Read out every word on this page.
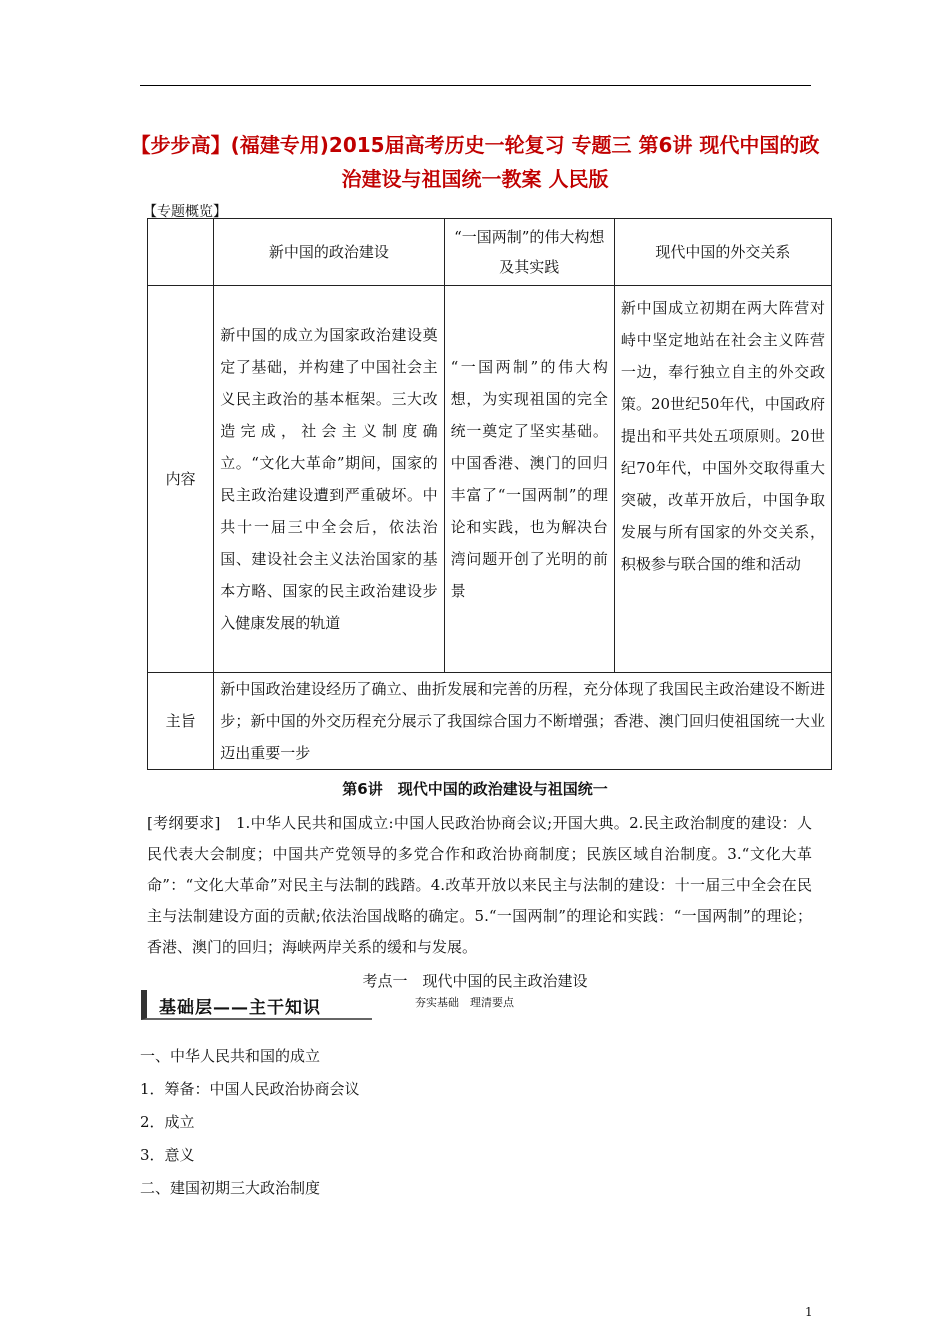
【步步高】(福建专用)2015届高考历史一轮复习 专题三 第6讲 现代中国的政治建设与祖国统一教案 人民版
【专题概览】
	新中国的政治建设	“一国两制”的伟大构想及其实践	现代中国的外交关系
内容	新中国的成立为国家政治建设奠定了基础，并构建了中国社会主义民主政治的基本框架。三大改造完成，社会主义制度确立。“文化大革命”期间，国家的民主政治建设遭到严重破坏。中共十一届三中全会后，依法治国、建设社会主义法治国家的基本方略、国家的民主政治建设步入健康发展的轨道	“一国两制”的伟大构想，为实现祖国的完全统一奠定了坚实基础。中国香港、澳门的回归丰富了“一国两制”的理论和实践，也为解决台湾问题开创了光明的前景	新中国成立初期在两大阵营对峙中坚定地站在社会主义阵营一边，奉行独立自主的外交政策。20世纪50年代，中国政府提出和平共处五项原则。20世纪70年代，中国外交取得重大突破，改革开放后，中国争取发展与所有国家的外交关系，积极参与联合国的维和活动
主旨	新中国政治建设经历了确立、曲折发展和完善的历程，充分体现了我国民主政治建设不断进步；新中国的外交历程充分展示了我国综合国力不断增强；香港、澳门回归使祖国统一大业迈出重要一步		
第6讲　现代中国的政治建设与祖国统一
[考纲要求]　1.中华人民共和国成立:中国人民政治协商会议;开国大典。2.民主政治制度的建设：人民代表大会制度；中国共产党领导的多党合作和政治协商制度；民族区域自治制度。3.“文化大革命”：“文化大革命”对民主与法制的践踏。4.改革开放以来民主与法制的建设：十一届三中全会在民主与法制建设方面的贡献;依法治国战略的确定。5.“一国两制”的理论和实践：“一国两制”的理论；香港、澳门的回归；海峡两岸关系的缓和与发展。
考点一　现代中国的民主政治建设
基础层——主干知识	夯实基础　理清要点
一、中华人民共和国的成立
1．筹备：中国人民政治协商会议
2．成立
3．意义
二、建国初期三大政治制度
1
